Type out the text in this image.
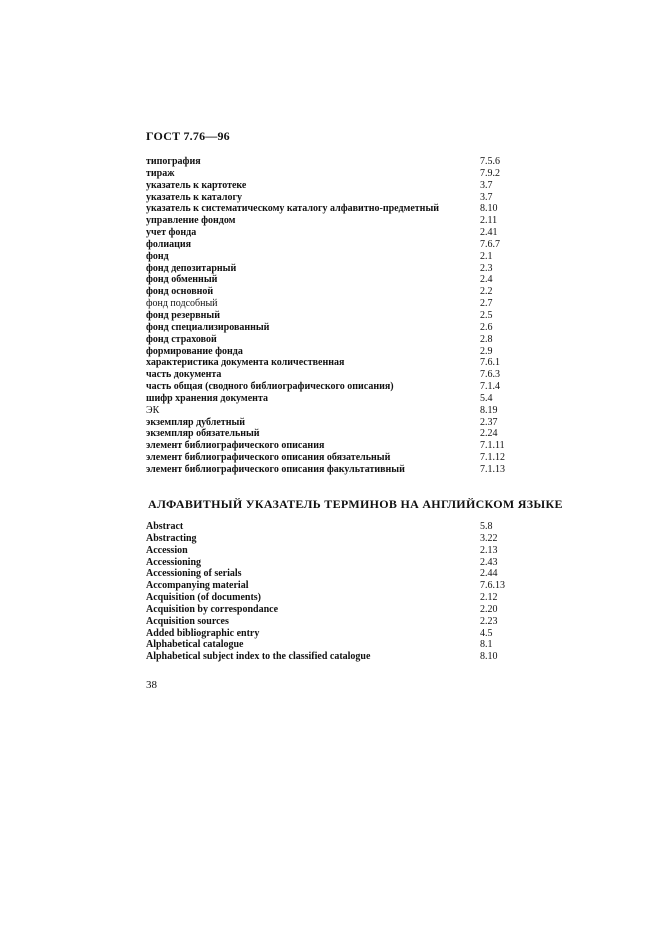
ГОСТ 7.76—96
типография	7.5.6
тираж	7.9.2
указатель к картотеке	3.7
указатель к каталогу	3.7
указатель к систематическому каталогу алфавитно-предметный	8.10
управление фондом	2.11
учет фонда	2.41
фолиация	7.6.7
фонд	2.1
фонд депозитарный	2.3
фонд обменный	2.4
фонд основной	2.2
фонд подсобный	2.7
фонд резервный	2.5
фонд специализированный	2.6
фонд страховой	2.8
формирование фонда	2.9
характеристика документа количественная	7.6.1
часть документа	7.6.3
часть общая (сводного библиографического описания)	7.1.4
шифр хранения документа	5.4
ЭК	8.19
экземпляр дублетный	2.37
экземпляр обязательный	2.24
элемент библиографического описания	7.1.11
элемент библиографического описания обязательный	7.1.12
элемент библиографического описания факультативный	7.1.13
АЛФАВИТНЫЙ УКАЗАТЕЛЬ ТЕРМИНОВ НА АНГЛИЙСКОМ ЯЗЫКЕ
Abstract	5.8
Abstracting	3.22
Accession	2.13
Accessioning	2.43
Accessioning of serials	2.44
Accompanying material	7.6.13
Acquisition (of documents)	2.12
Acquisition by correspondance	2.20
Acquisition sources	2.23
Added bibliographic entry	4.5
Alphabetical catalogue	8.1
Alphabetical subject index to the classified catalogue	8.10
38
